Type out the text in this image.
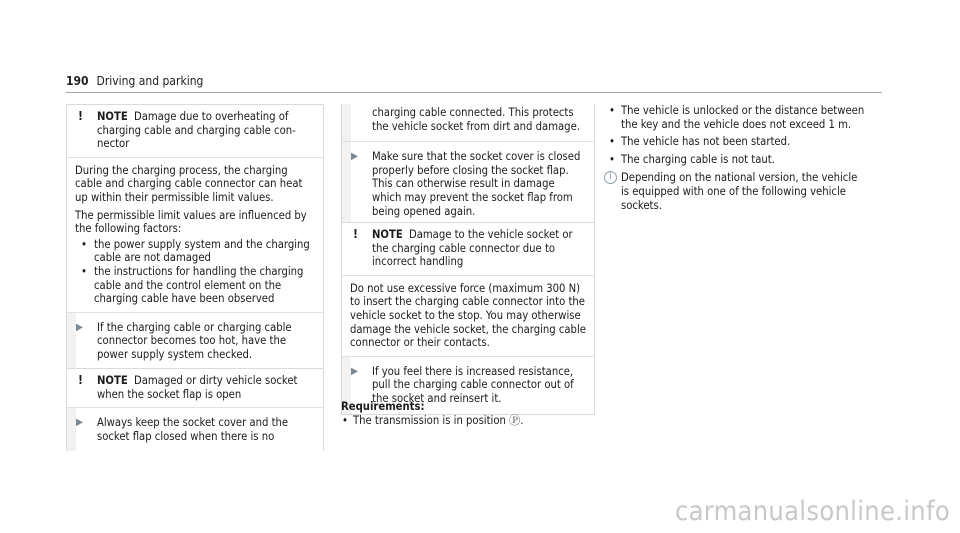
190 Driving and parking
! NOTE Damage due to overheating of charging cable and charging cable con-nector

During the charging process, the charging cable and charging cable connector can heat up within their permissible limit values.

The permissible limit values are influenced by the following factors:

• the power supply system and the charging cable are not damaged
• the instructions for handling the charging cable and the control element on the charging cable have been observed
▶ If the charging cable or charging cable connector becomes too hot, have the power supply system checked.
! NOTE Damaged or dirty vehicle socket when the socket flap is open
▶ Always keep the socket cover and the socket flap closed when there is no
charging cable connected. This protects the vehicle socket from dirt and damage.
▶ Make sure that the socket cover is closed properly before closing the socket flap. This can otherwise result in damage which may prevent the socket flap from being opened again.
! NOTE Damage to the vehicle socket or the charging cable connector due to incorrect handling

Do not use excessive force (maximum 300 N) to insert the charging cable connector into the vehicle socket to the stop. You may otherwise damage the vehicle socket, the charging cable connector or their contacts.

▶ If you feel there is increased resistance, pull the charging cable connector out of the socket and reinsert it.
Requirements:
• The transmission is in position Ⓟ.
• The vehicle is unlocked or the distance between the key and the vehicle does not exceed 1 m.
• The vehicle has not been started.
• The charging cable is not taut.
i Depending on the national version, the vehicle is equipped with one of the following vehicle sockets.
carmanualsonline.info
